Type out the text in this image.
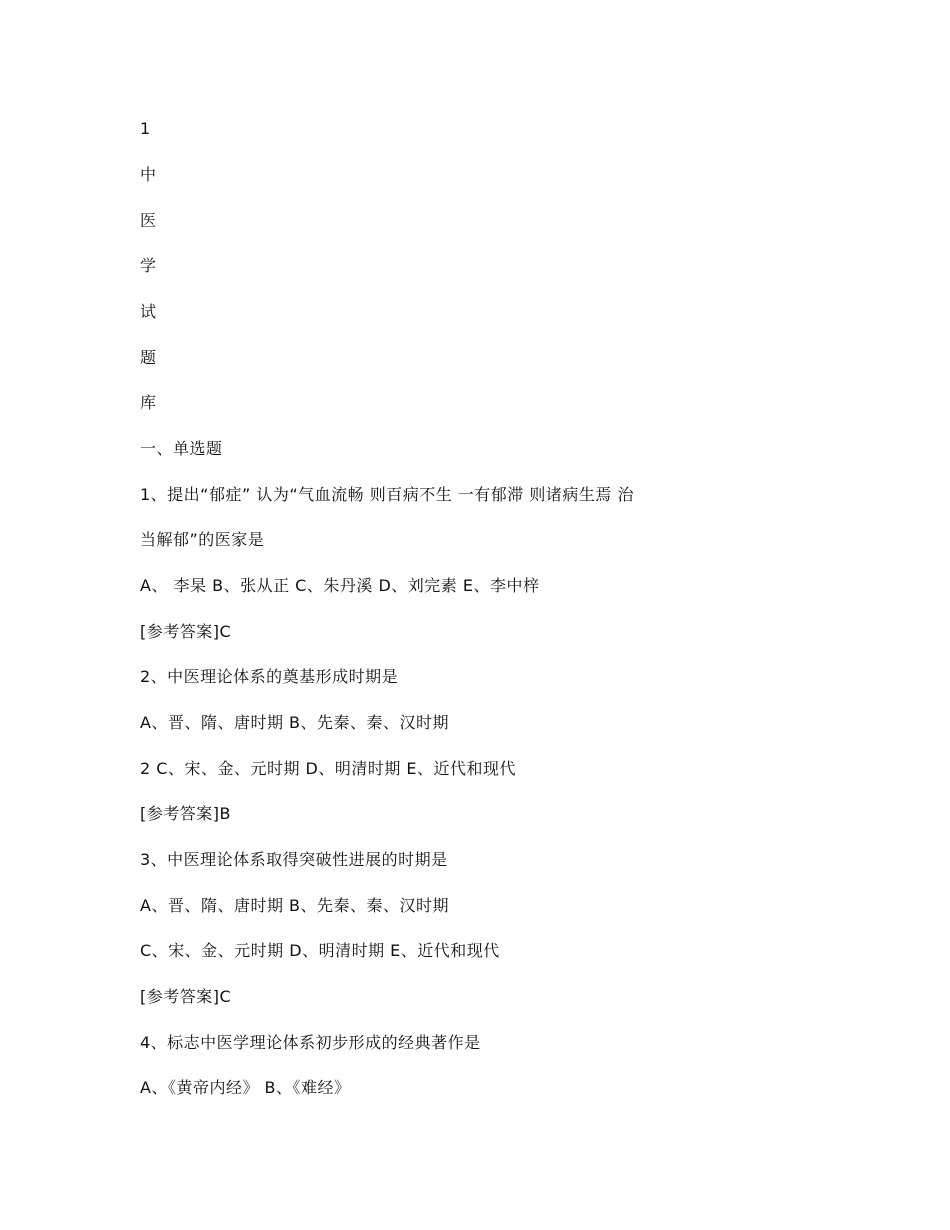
1
中
医
学
试
题
库
一、单选题
1、提出“郁症” 认为“气血流畅 则百病不生 一有郁滞 则诸病生焉 治
当解郁”的医家是
A、 李杲 B、张从正 C、朱丹溪 D、刘完素 E、李中梓
[参考答案]C
2、中医理论体系的奠基形成时期是
A、晋、隋、唐时期 B、先秦、秦、汉时期
2 C、宋、金、元时期 D、明清时期 E、近代和现代
[参考答案]B
3、中医理论体系取得突破性进展的时期是
A、晋、隋、唐时期 B、先秦、秦、汉时期
C、宋、金、元时期 D、明清时期 E、近代和现代
[参考答案]C
4、标志中医学理论体系初步形成的经典著作是
A、《黄帝内经》 B、《难经》
